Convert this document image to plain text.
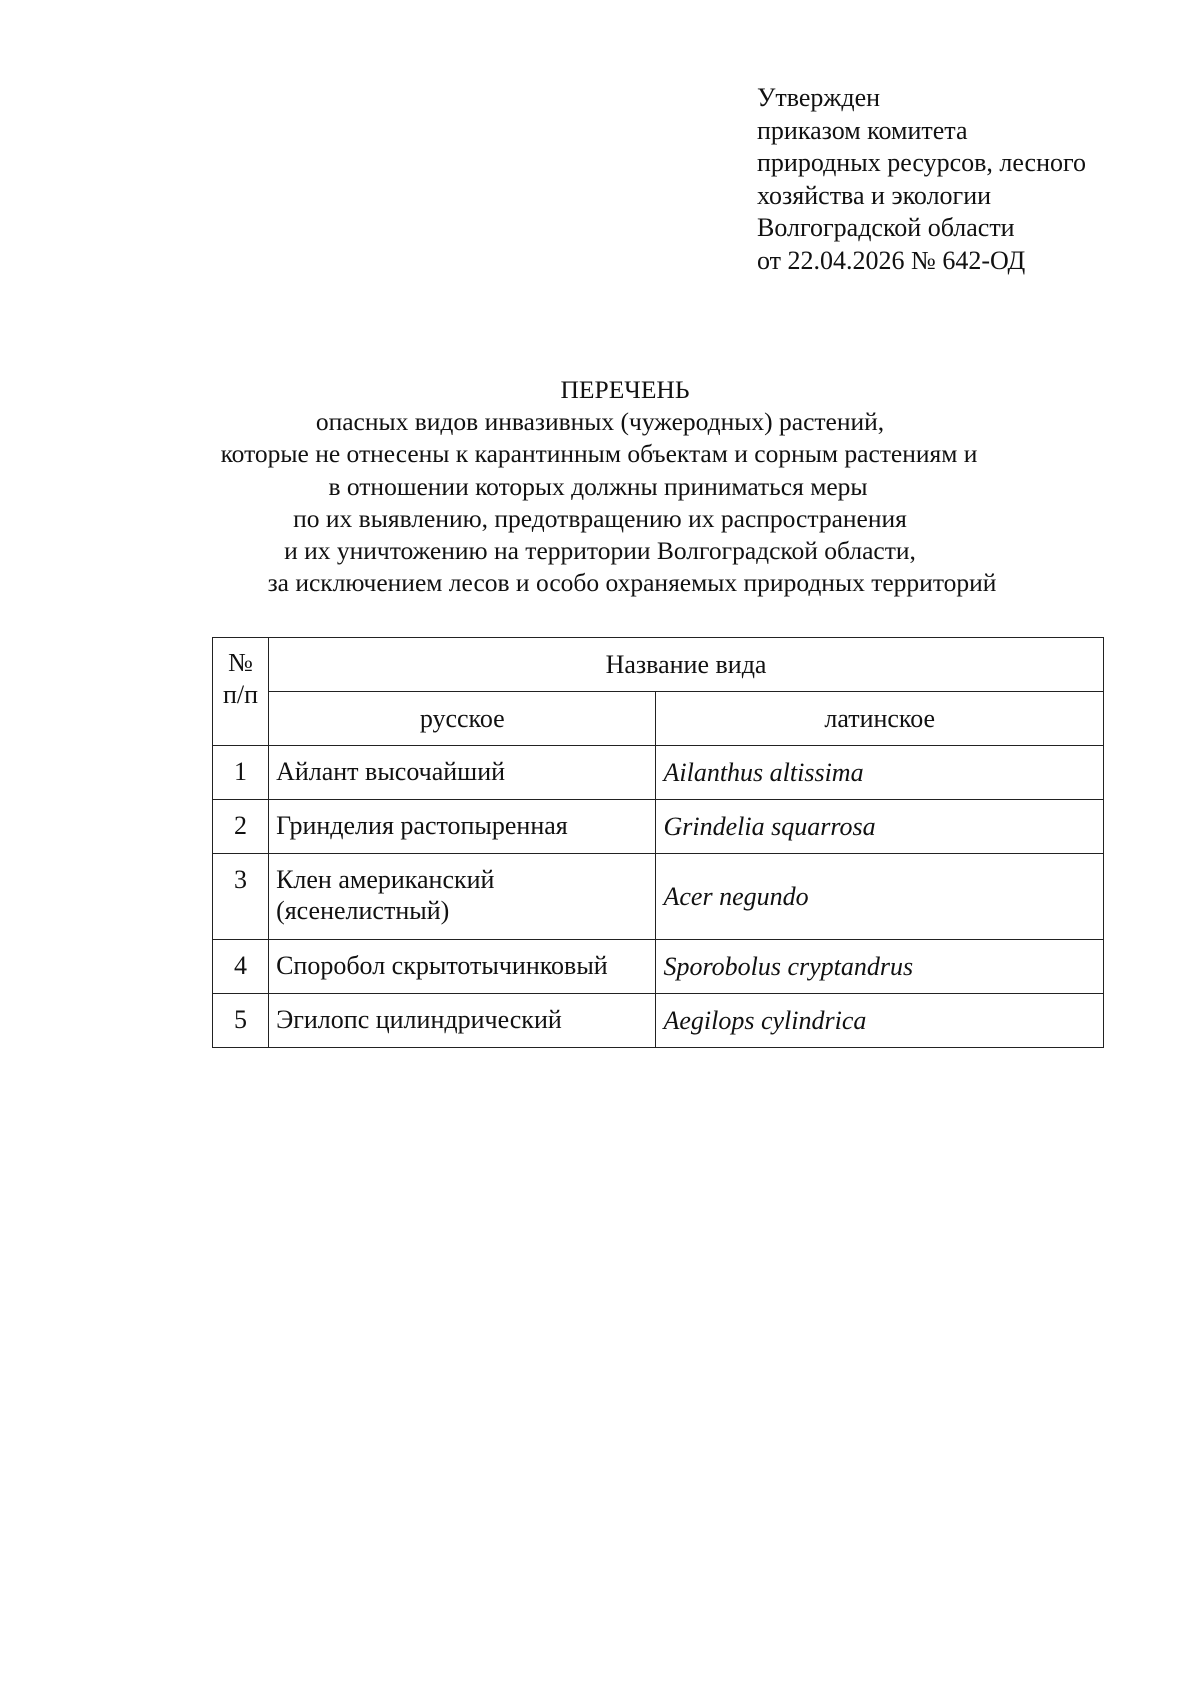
Утвержден
приказом комитета
природных ресурсов, лесного
хозяйства и экологии
Волгоградской области
от 22.04.2026 № 642-ОД
ПЕРЕЧЕНЬ
опасных видов инвазивных (чужеродных) растений,
которые не отнесены к карантинным объектам и сорным растениям и
в отношении которых должны приниматься меры
по их выявлению, предотвращению их распространения
и их уничтожению на территории Волгоградской области,
за исключением лесов и особо охраняемых природных территорий
№
п/п	Название вида	
	русское	латинское
1	Айлант высочайший	Ailanthus altissima
2	Гринделия растопыренная	Grindelia squarrosa
3	Клен американский
(ясенелистный)	Acer negundo
4	Споробол скрытотычинковый	Sporobolus cryptandrus
5	Эгилопс цилиндрический	Aegilops cylindrica
